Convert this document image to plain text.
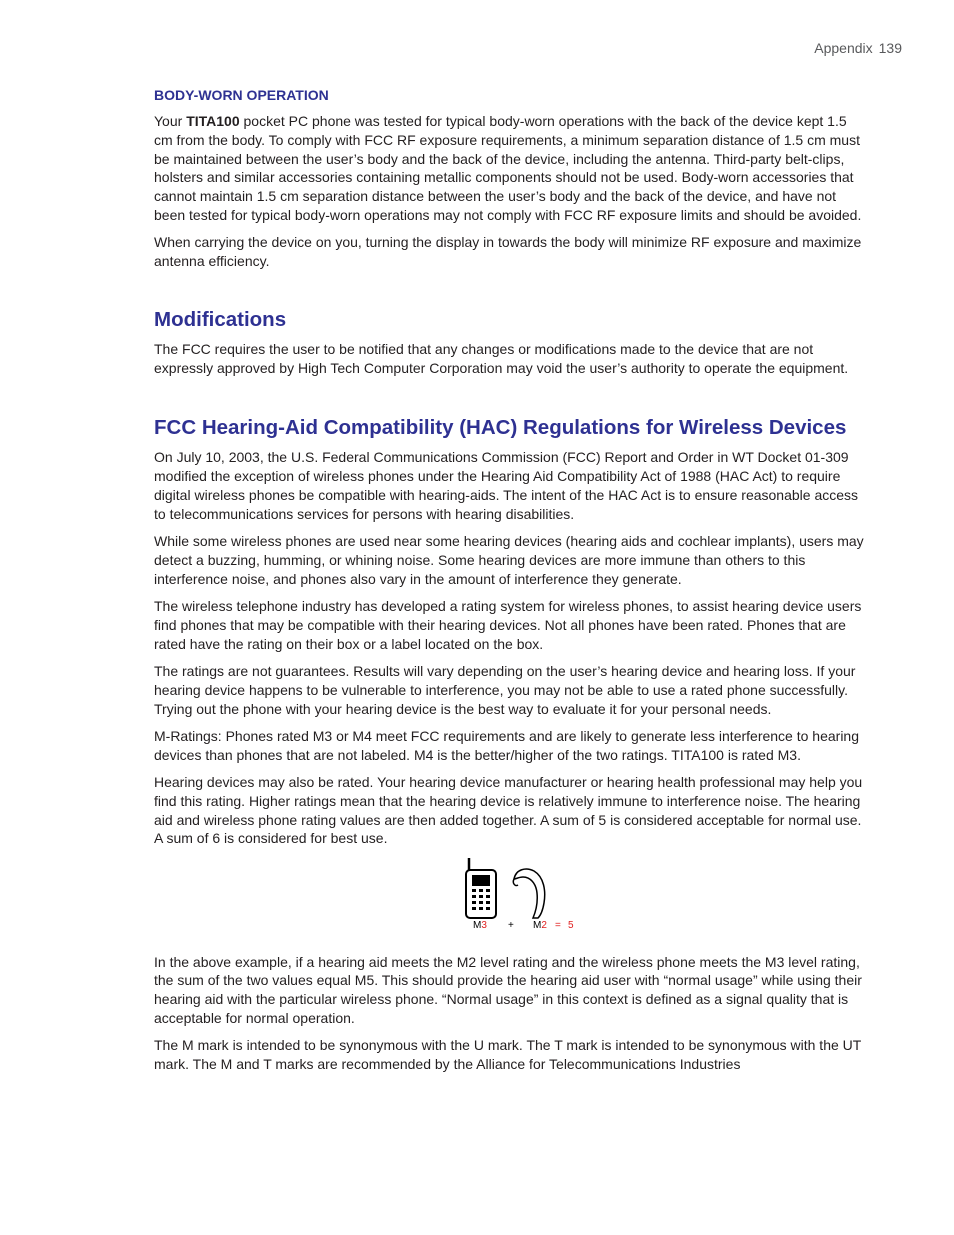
Appendix 139
BODY-WORN OPERATION

Your TITA100 pocket PC phone was tested for typical body-worn operations with the back of the device kept 1.5 cm from the body. To comply with FCC RF exposure requirements, a minimum separation distance of 1.5 cm must be maintained between the user’s body and the back of the device, including the antenna. Third-party belt-clips, holsters and similar accessories containing metallic components should not be used. Body-worn accessories that cannot maintain 1.5 cm separation distance between the user’s body and the back of the device, and have not been tested for typical body-worn operations may not comply with FCC RF exposure limits and should be avoided.

When carrying the device on you, turning the display in towards the body will minimize RF exposure and maximize antenna efficiency.

Modifications

The FCC requires the user to be notified that any changes or modifications made to the device that are not expressly approved by High Tech Computer Corporation may void the user’s authority to operate the equipment.

FCC Hearing-Aid Compatibility (HAC) Regulations for Wireless Devices

On July 10, 2003, the U.S. Federal Communications Commission (FCC) Report and Order in WT Docket 01-309 modified the exception of wireless phones under the Hearing Aid Compatibility Act of 1988 (HAC Act) to require digital wireless phones be compatible with hearing-aids. The intent of the HAC Act is to ensure reasonable access to telecommunications services for persons with hearing disabilities.

While some wireless phones are used near some hearing devices (hearing aids and cochlear implants), users may detect a buzzing, humming, or whining noise. Some hearing devices are more immune than others to this interference noise, and phones also vary in the amount of interference they generate.

The wireless telephone industry has developed a rating system for wireless phones, to assist hearing device users find phones that may be compatible with their hearing devices. Not all phones have been rated. Phones that are rated have the rating on their box or a label located on the box.

The ratings are not guarantees. Results will vary depending on the user’s hearing device and hearing loss. If your hearing device happens to be vulnerable to interference, you may not be able to use a rated phone successfully. Trying out the phone with your hearing device is the best way to evaluate it for your personal needs.

M-Ratings: Phones rated M3 or M4 meet FCC requirements and are likely to generate less interference to hearing devices than phones that are not labeled. M4 is the better/higher of the two ratings. TITA100 is rated M3.

Hearing devices may also be rated. Your hearing device manufacturer or hearing health professional may help you find this rating. Higher ratings mean that the hearing device is relatively immune to interference noise. The hearing aid and wireless phone rating values are then added together. A sum of 5 is considered acceptable for normal use. A sum of 6 is considered for best use.

M3 + M2 = 5

In the above example, if a hearing aid meets the M2 level rating and the wireless phone meets the M3 level rating, the sum of the two values equal M5. This should provide the hearing aid user with “normal usage” while using their hearing aid with the particular wireless phone. “Normal usage” in this context is defined as a signal quality that is acceptable for normal operation.

The M mark is intended to be synonymous with the U mark. The T mark is intended to be synonymous with the UT mark. The M and T marks are recommended by the Alliance for Telecommunications Industries
